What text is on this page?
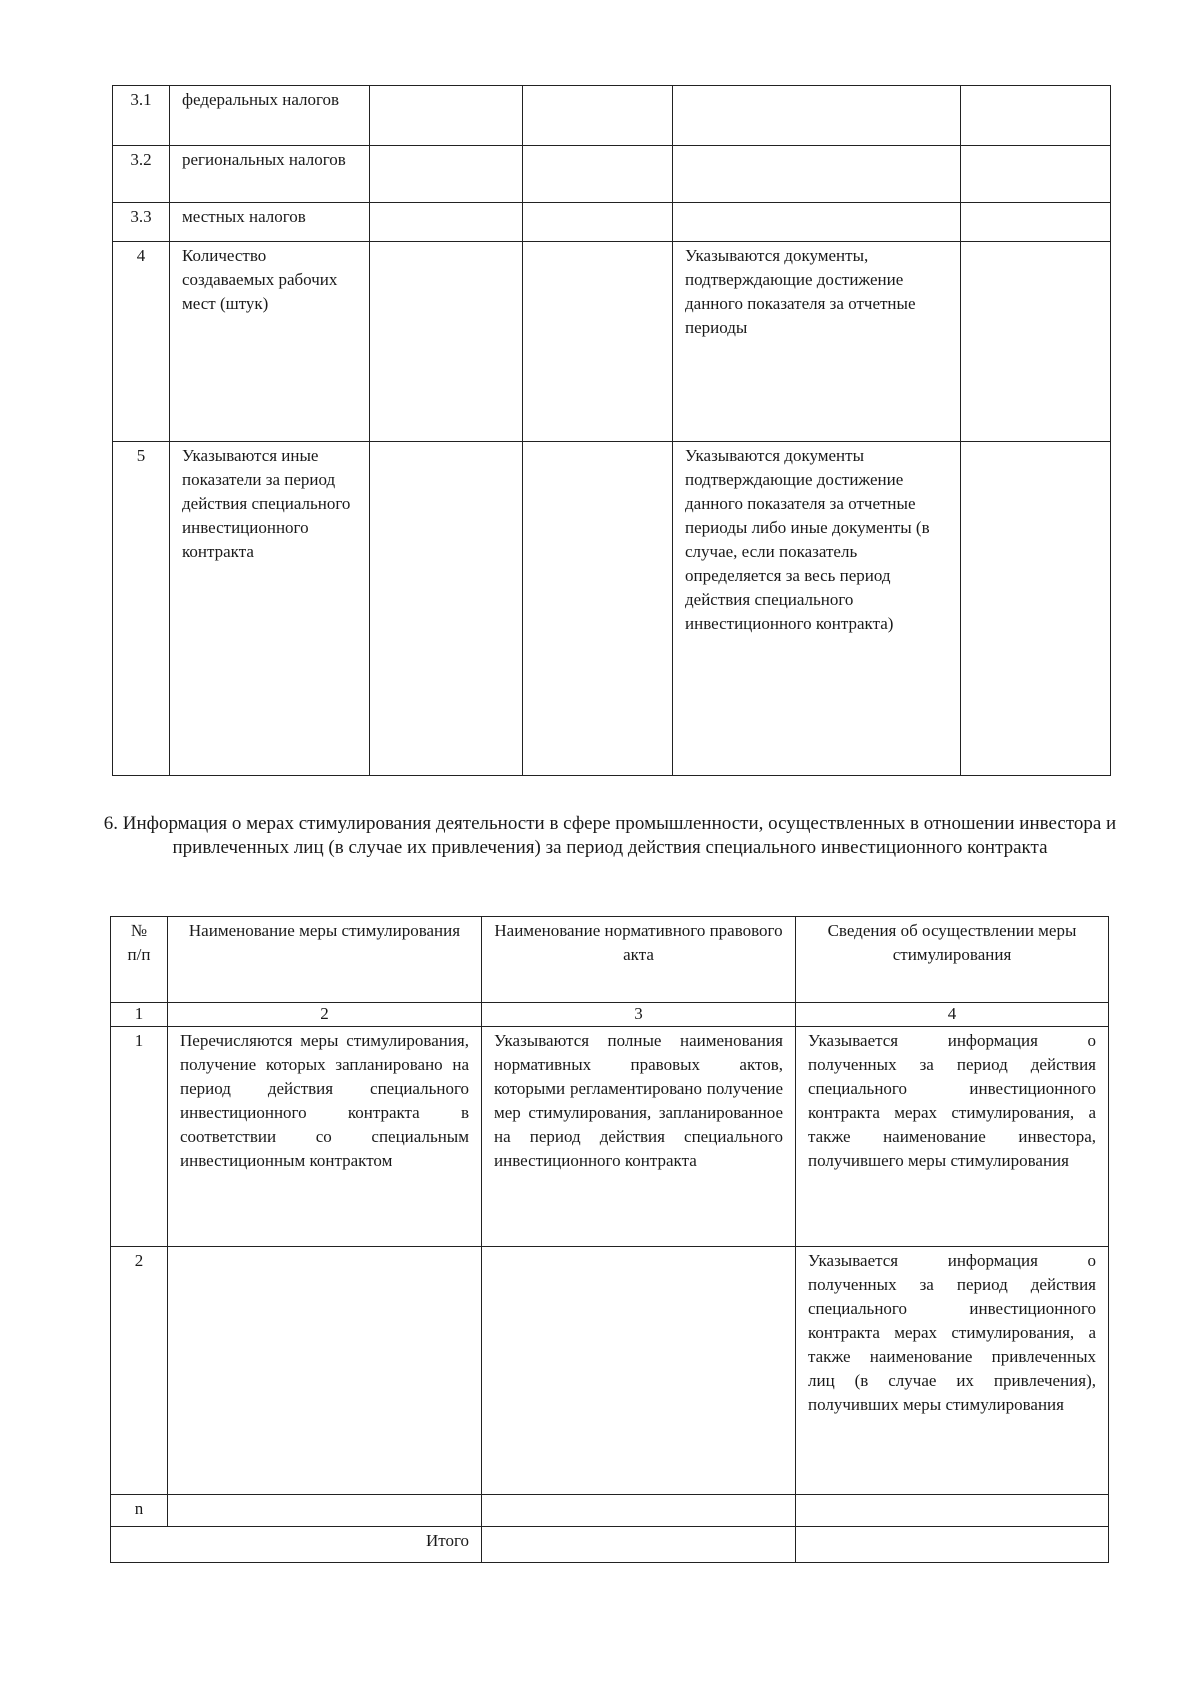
3.1	федеральных налогов				
3.2	региональных налогов				
3.3	местных налогов				
4	Количество создаваемых рабочих мест (штук)			Указываются документы, подтверждающие достижение данного показателя за отчетные периоды	
5	Указываются иные показатели за период действия специального инвестиционного контракта			Указываются документы подтверждающие достижение данного показателя за отчетные периоды либо иные документы (в случае, если показатель определяется за весь период действия специального инвестиционного контракта)	
6. Информация о мерах стимулирования деятельности в сфере промышленности, осуществленных в отношении инвестора и привлеченных лиц (в случае их привлечения) за период действия специального инвестиционного контракта
№ п/п	Наименование меры стимулирования	Наименование нормативного правового акта	Сведения об осуществлении меры стимулирования
1	2	3	4
1	Перечисляются меры стимулирования, получение которых запланировано на период действия специального инвестиционного контракта в соответствии со специальным инвестиционным контрактом	Указываются полные наименования нормативных правовых актов, которыми регламентировано получение мер стимулирования, запланированное на период действия специального инвестиционного контракта	Указывается информация о полученных за период действия специального инвестиционного контракта мерах стимулирования, а также наименование инвестора, получившего меры стимулирования
2			Указывается информация о полученных за период действия специального инвестиционного контракта мерах стимулирования, а также наименование привлеченных лиц (в случае их привлечения), получивших меры стимулирования
n			
Итого			
